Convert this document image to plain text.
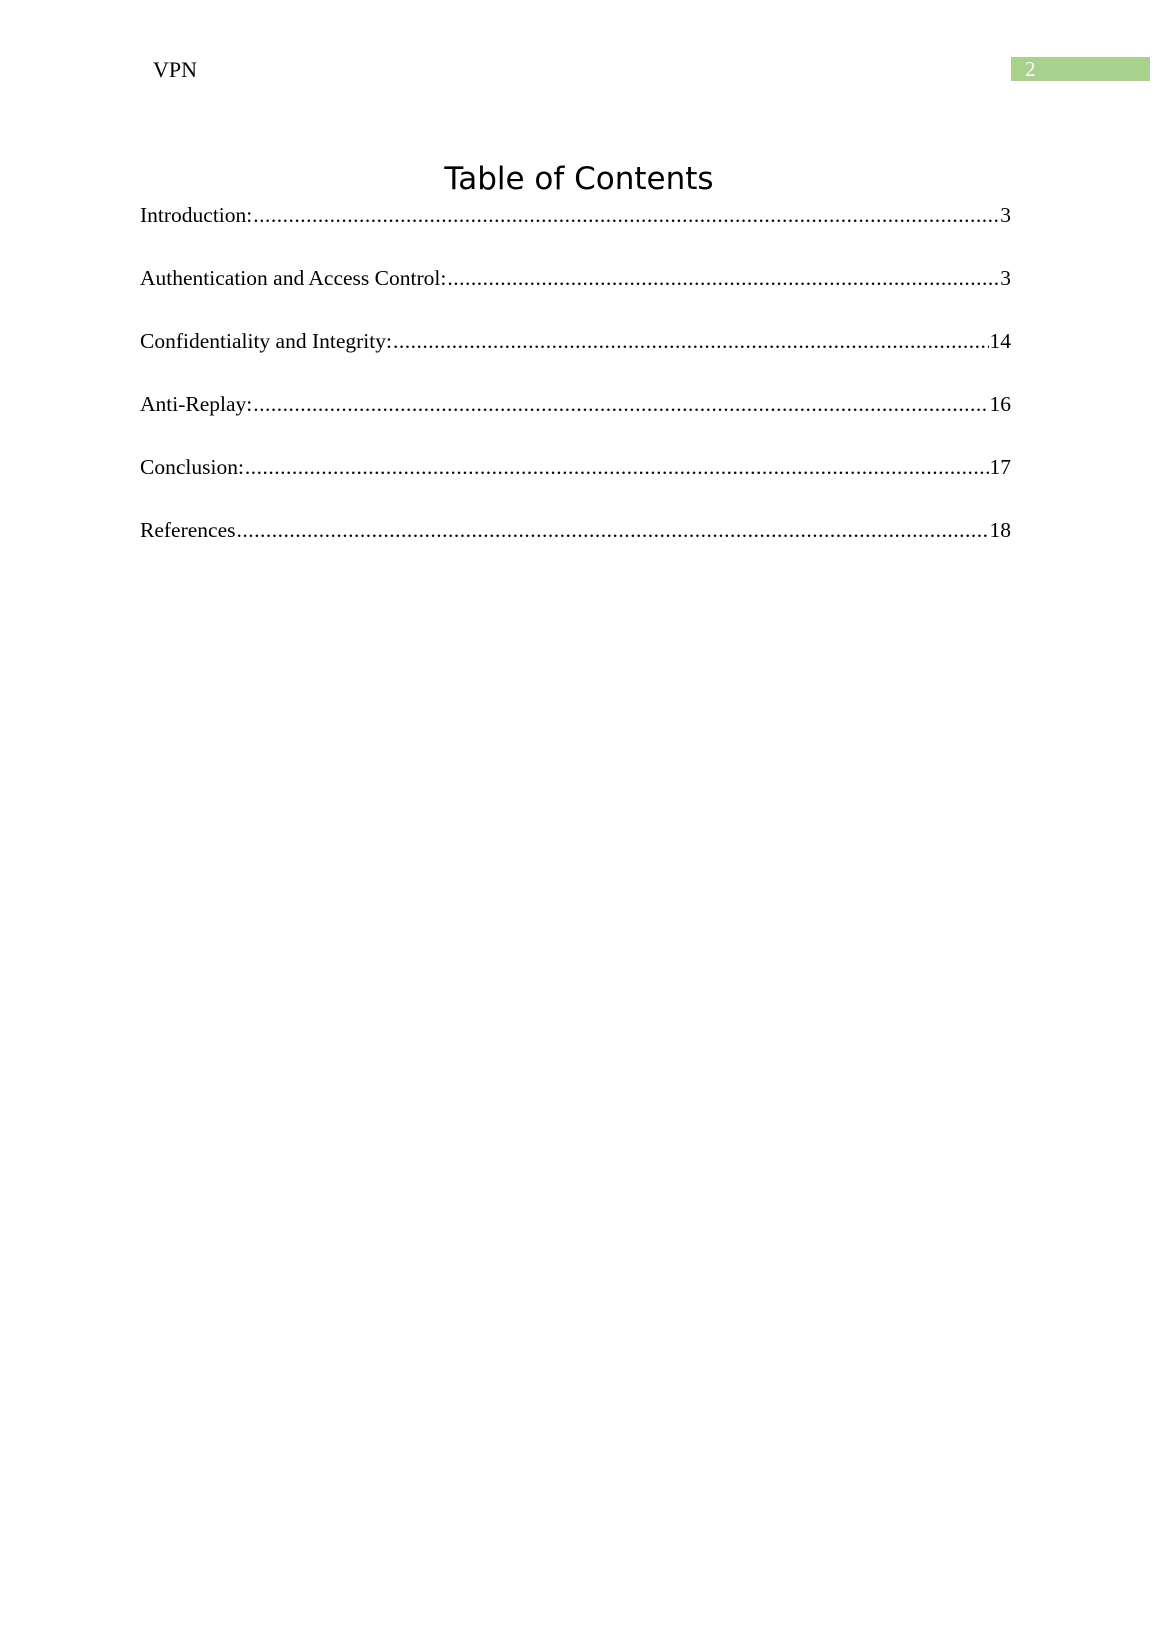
VPN	2
Table of Contents
Introduction: .....	3
Authentication and Access Control: .....	3
Confidentiality and Integrity: .....	14
Anti-Replay: .....	16
Conclusion: .....	17
References .....	18
